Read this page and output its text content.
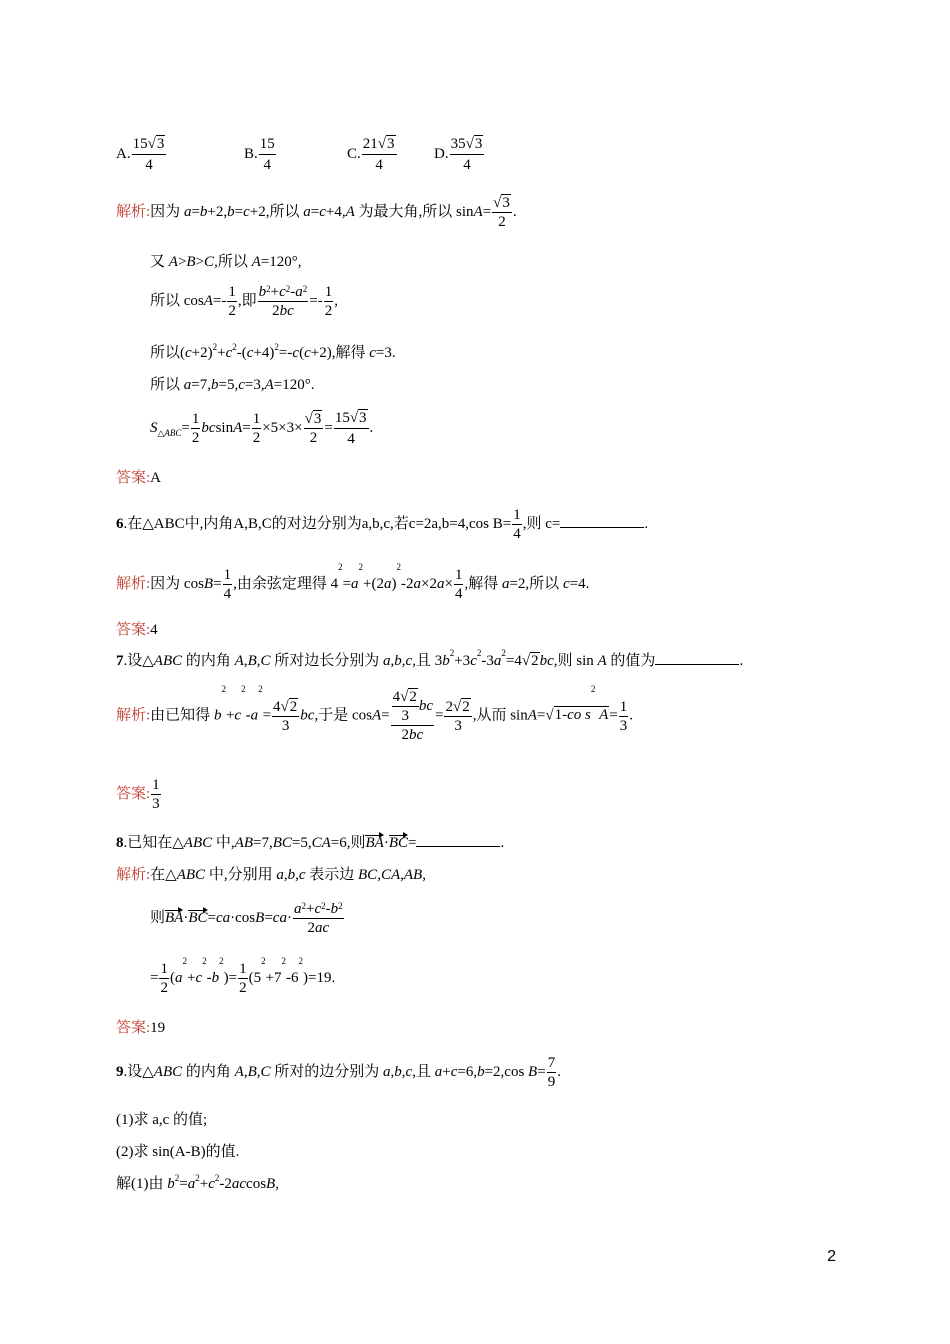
A. $\frac{15√3}{4}$	B. $\frac{15}{4}$	C. $\frac{21√3}{4}$	D. $\frac{35√3}{4}$
解析:因为 a=b+2,b=c+2,所以 a=c+4,A 为最大角,所以 $\sin A= \frac{√3}{2}$ .
又 A>B>C,所以 A=120°,
所以 $\cos A=- \frac{1}{2}$ ,即 $\frac{b^2+c^2-a^2}{2bc} =- \frac{1}{2}$ ,
所以$(c+2)^2+c^2-(c+4)^2=-c(c+2)$,解得 c=3.
所以 a=7,b=5,c=3,A=120°.
$S_{\triangle ABC}= \frac{1}{2} bcsinA= \frac{1}{2} \times 5\times 3\times \frac{√3}{2} = \frac{15√3}{4}$ .
答案:A
6.在△ABC中,内角A,B,C的对边分别为a,b,c,若c=2a,b=4,cos $B= \frac{1}{4}$ ,则 c=	.
解析:因为 $\cos B= \frac{1}{4}$ ,由余弦定理得 $4^2=a^2+(2a)^2-2a\times 2a\times \frac{1}{4}$ ,解得 a=2,所以 c=4.
答案:4
7.设△ABC 的内角 A,B,C 所对边长分别为 a,b,c,且 $3b^2+3c^2-3a^2=4√2bc$,则 sin A 的值为	.
解析:由已知得 $b^2+c^2-a^2= \frac{4√2}{3}$ bc,于是 $\cos A= \frac{\frac{4√2}{3} bc}{2bc} = \frac{2√2}{3}$ ,从而 sinA=√1-co $s^2$ $A= \frac{1}{3}$ .
答案: $\frac{1}{3}$
8.已知在△ABC 中,AB=7,BC=5,CA=6,则BA·BC=	.
解析:在△ABC 中,分别用 a,b,c 表示边 BC,CA,AB,
则$BA\cdot BC=ca\cdot\cos B=ca\cdot \frac{a^2+c^2-b^2}{2ac}$
= $\frac{1}{2} (a^2+c^2-b^2)= \frac{1}{2} (5^2+7^2-6^2)=19$.
答案:19
9.设△ABC 的内角 A,B,C 所对的边分别为 a,b,c,且 a+c=6,b=2,cos $B= \frac{7}{9}$ .
(1)求 a,c 的值;
(2)求 sin(A-B)的值.
解(1)由 $b^2=a^2+c^2-2accosB$,
2
